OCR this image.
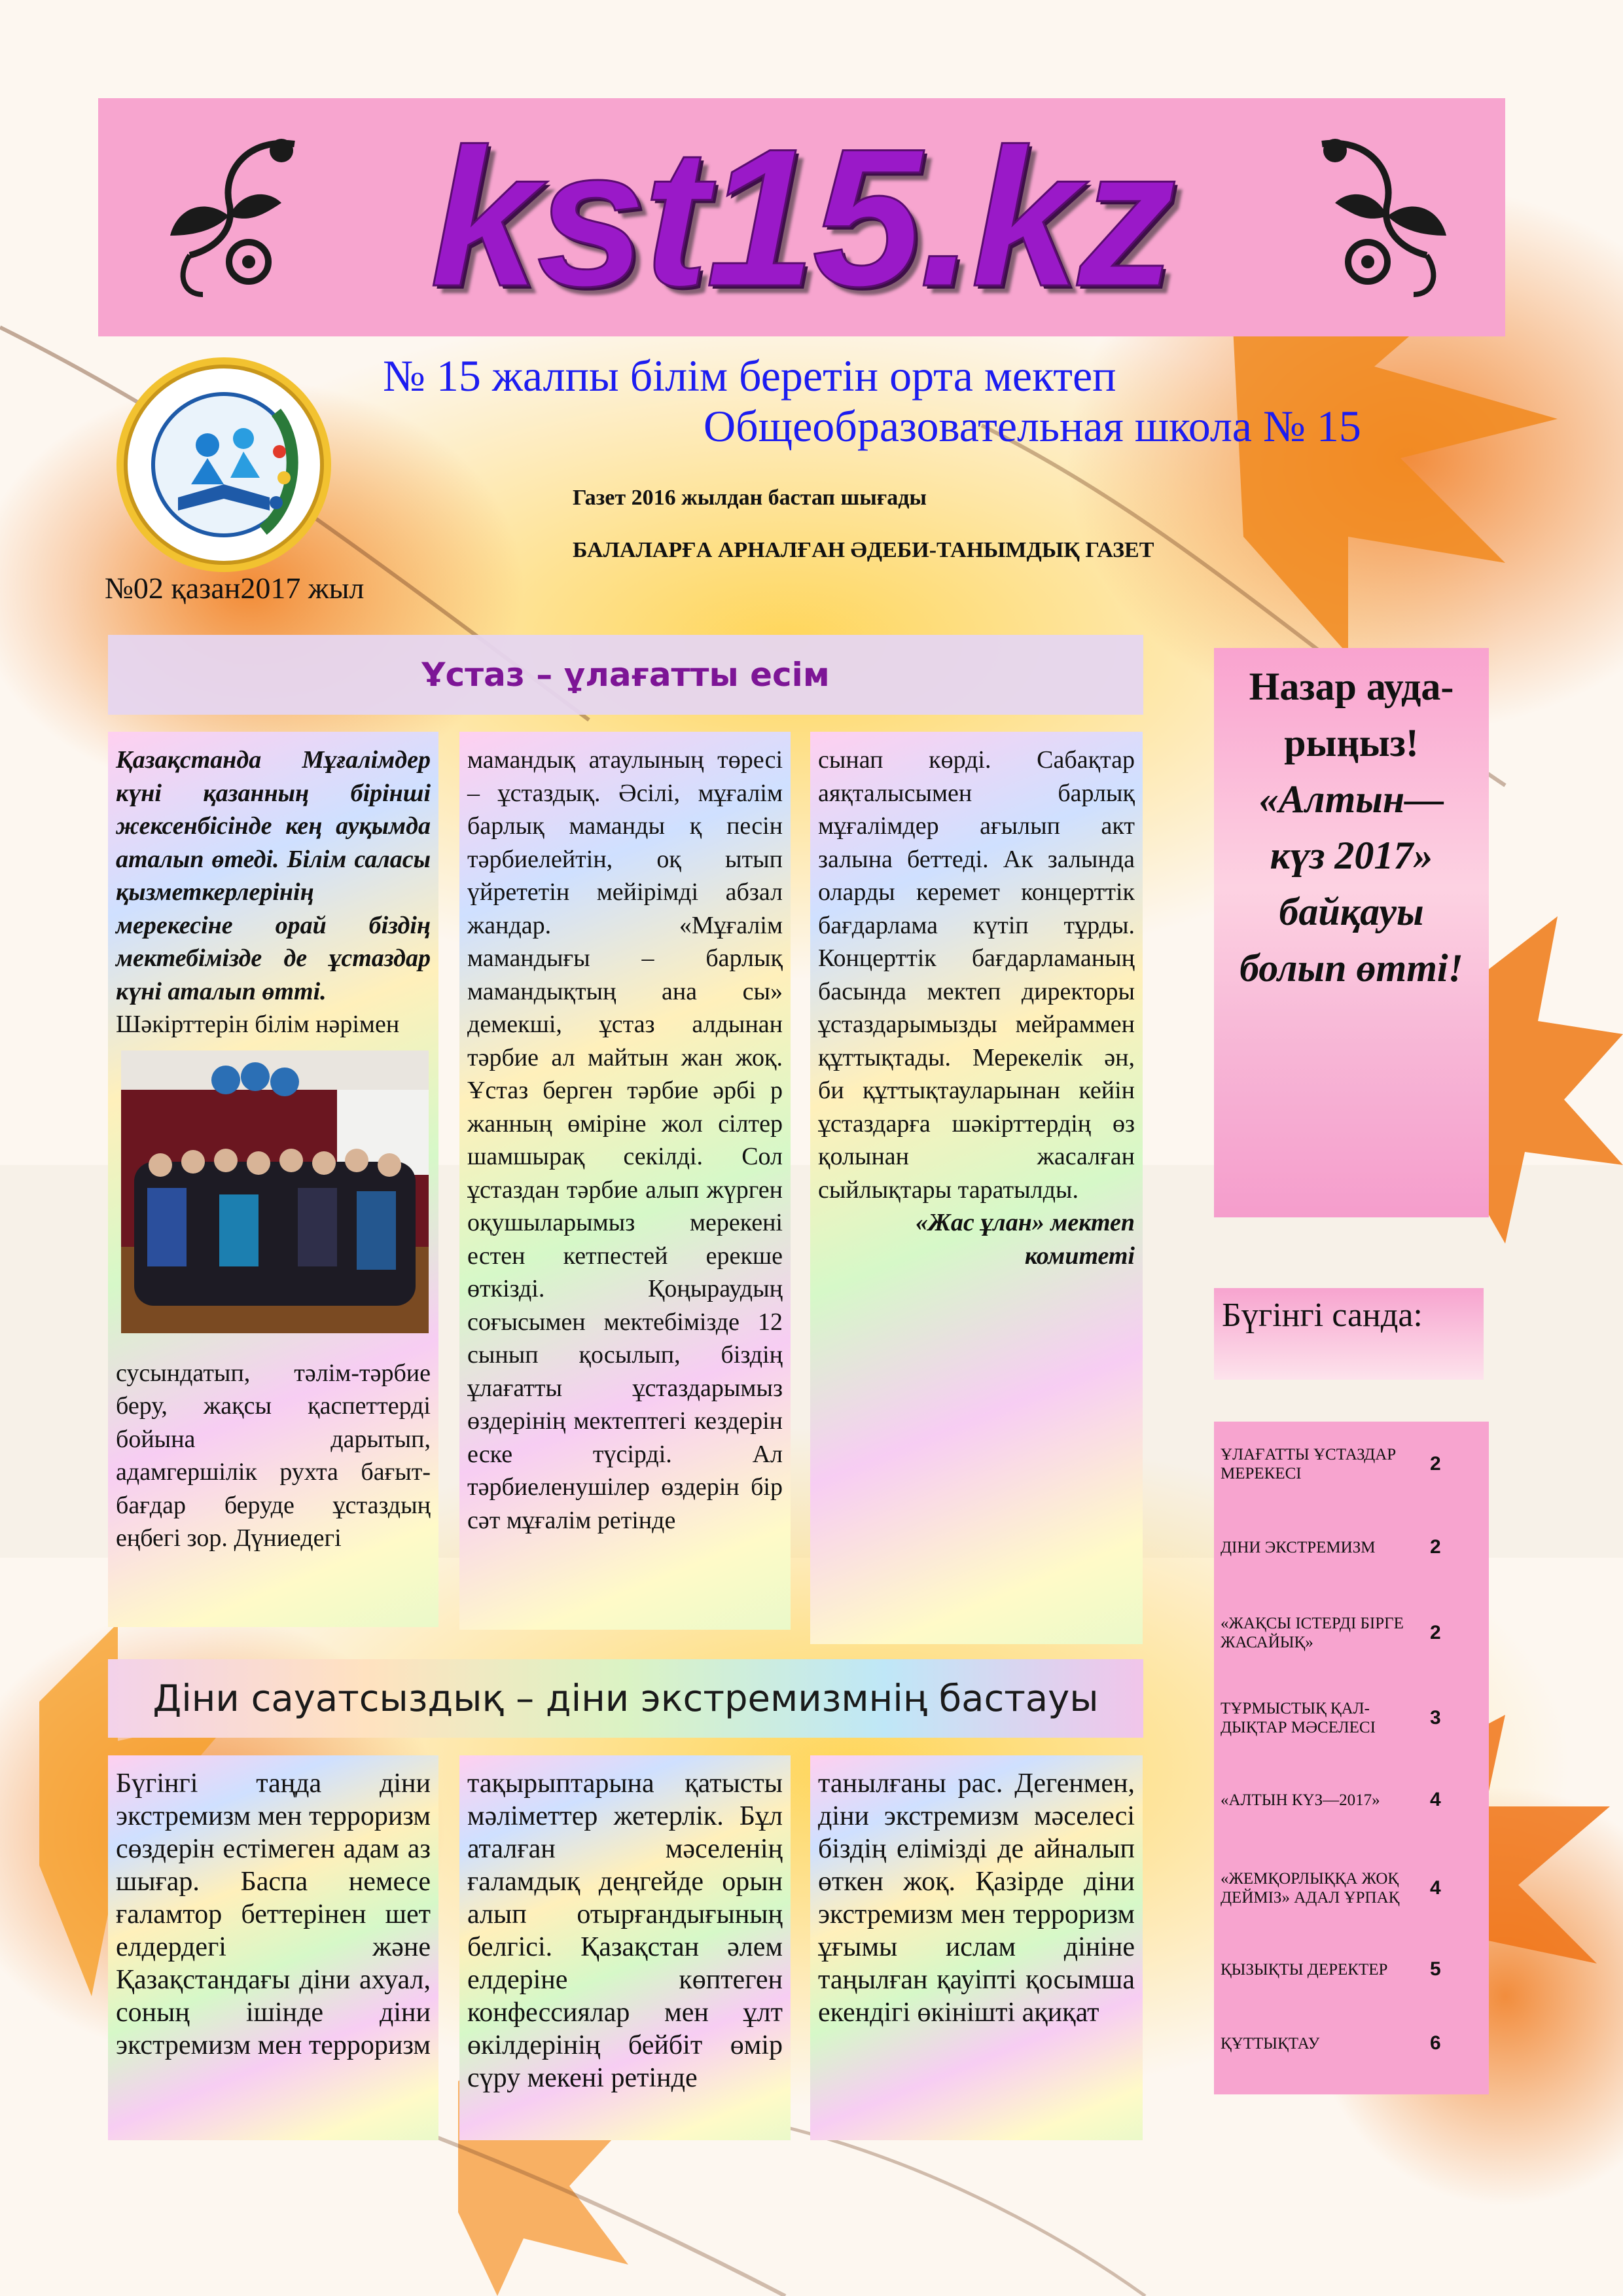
kst15.kz
№ 15 жалпы білім беретін орта мектеп
Общеобразовательная школа № 15
Газет 2016 жылдан бастап шығады
БАЛАЛАРҒА АРНАЛҒАН ӘДЕБИ-ТАНЫМДЫҚ ГАЗЕТ
№02 қазан2017 жыл
Ұстаз – ұлағатты есім

Қазақстанда Мұғалімдер күні қазанның бірінші жексенбісінде кең ауқымда аталып өтеді. Білім саласы қызметкерлерінің мерекесіне орай біздің мектебімізде де ұстаздар күні аталып өтті.

Шәкірттерін білім нәрімен

сусындатып, тәлім-тәрбие беру, жақсы қаспеттерді бойына дарытып, адамгершілік рухта бағыт-бағдар беруде ұстаздың еңбегі зор. Дүниедегі

мамандық атаулының төресі – ұстаздық. Әсілі, мұғалім барлық маманды қ песін тәрбиелейтін, оқ ытып үйрететін мейірімді абзал жандар. «Мұғалім мамандығы – барлық мамандықтың ана сы» демекші, ұстаз алдынан тәрбие ал майтын жан жоқ. Ұстаз берген тәрбие әрбі р жанның өміріне жол сілтер шамшырақ секілді. Сол ұстаздан тәрбие алып жүрген оқушыларымыз мерекені естен кетпестей ерекше өткізді. Қоңыраудың соғысымен мектебімізде 12 сынып қосылып, біздің ұлағатты ұстаздарымыз өздерінің мектептегі кездерін еске түсірді. Ал тәрбиеленушілер өздерін бір сәт мұғалім ретінде

сынап көрді. Сабақтар аяқталысымен барлық мұғалімдер ағылып акт залына беттеді. Ак залында оларды керемет концерттік бағдарлама күтіп тұрды. Концерттік бағдарламаның басында мектеп директоры ұстаздарымызды мейраммен құттықтады. Мерекелік ән, би құттықтауларынан кейін ұстаздарға шәкірттердің өз қолынан жасалған сыйлықтары таратылды.

«Жас ұлан» мектеп комитеті

Діни сауатсыздық – діни экстремизмнің бастауы

Бүгінгі таңда діни экстремизм мен терроризм сөздерін естімеген адам аз шығар. Баспа немесе ғаламтор беттерінен шет елдердегі және Қазақстандағы діни ахуал, соның ішінде діни экстремизм мен терроризм

тақырыптарына қатысты мәліметтер жетерлік. Бұл аталған мәселенің ғаламдық деңгейде орын алып отырғандығының белгісі. Қазақстан әлем елдеріне көптеген конфессиялар мен ұлт өкілдерінің бейбіт өмір сүру мекені ретінде

танылғаны рас. Дегенмен, діни экстремизм мәселесі біздің елімізді де айналып өткен жоқ. Қазірде діни экстремизм мен терроризм ұғымы ислам дініне таңылған қауіпті қосымша екендігі өкінішті ақиқат

Назар ауда-
рыңыз!
«Алтын—
күз 2017»
байқауы
болып өтті!
Бүгінгі санда:
ҰЛАҒАТТЫ ҰСТАЗДАР МЕРЕКЕСІ	2
ДІНИ ЭКСТРЕМИЗМ	2
«ЖАҚСЫ ІСТЕРДІ БІРГЕ ЖАСАЙЫҚ»	2
ТҰРМЫСТЫҚ ҚАЛ-ДЫҚТАР МӘСЕЛЕСІ	3
«АЛТЫН КҮЗ—2017»	4
«ЖЕМҚОРЛЫҚҚА ЖОҚ ДЕЙМІЗ» АДАЛ ҰРПАҚ	4
ҚЫЗЫҚТЫ ДЕРЕКТЕР	5
ҚҰТТЫҚТАУ	6
